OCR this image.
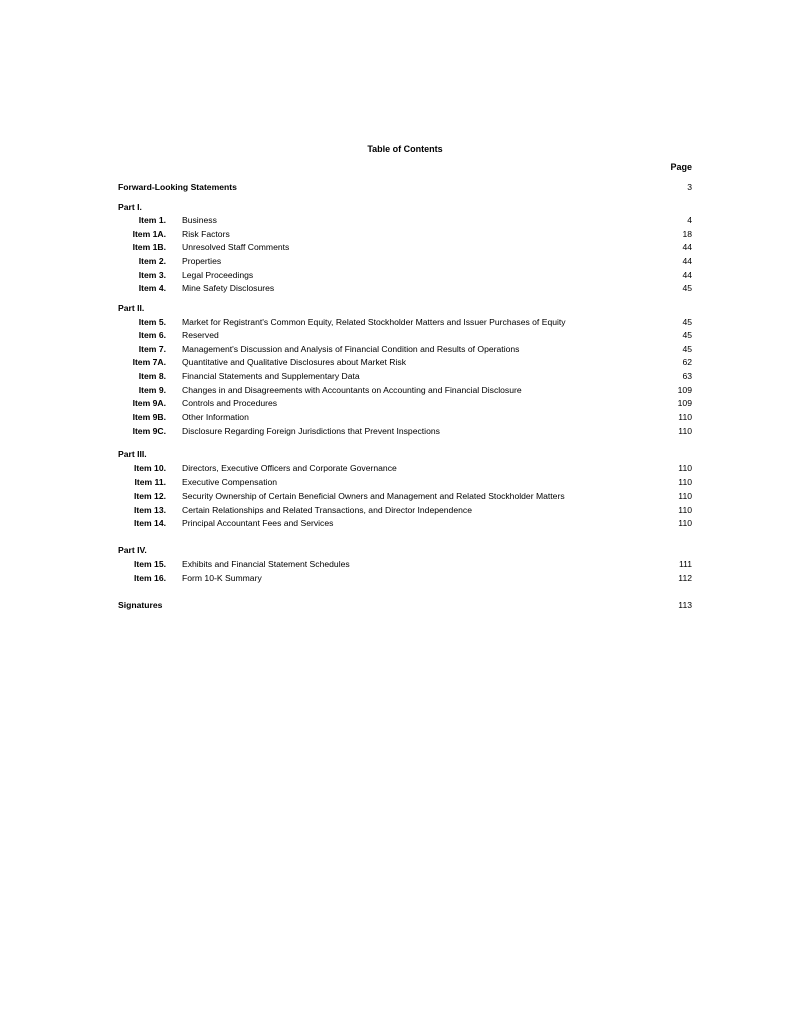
Table of Contents
Page
Forward-Looking Statements	3
Part I.
Item 1. Business	4
Item 1A. Risk Factors	18
Item 1B. Unresolved Staff Comments	44
Item 2. Properties	44
Item 3. Legal Proceedings	44
Item 4. Mine Safety Disclosures	45
Part II.
Item 5. Market for Registrant's Common Equity, Related Stockholder Matters and Issuer Purchases of Equity	45
Item 6. Reserved	45
Item 7. Management's Discussion and Analysis of Financial Condition and Results of Operations	45
Item 7A. Quantitative and Qualitative Disclosures about Market Risk	62
Item 8. Financial Statements and Supplementary Data	63
Item 9. Changes in and Disagreements with Accountants on Accounting and Financial Disclosure	109
Item 9A. Controls and Procedures	109
Item 9B. Other Information	110
Item 9C. Disclosure Regarding Foreign Jurisdictions that Prevent Inspections	110
Part III.
Item 10. Directors, Executive Officers and Corporate Governance	110
Item 11. Executive Compensation	110
Item 12. Security Ownership of Certain Beneficial Owners and Management and Related Stockholder Matters	110
Item 13. Certain Relationships and Related Transactions, and Director Independence	110
Item 14. Principal Accountant Fees and Services	110
Part IV.
Item 15. Exhibits and Financial Statement Schedules	111
Item 16. Form 10-K Summary	112
Signatures	113
